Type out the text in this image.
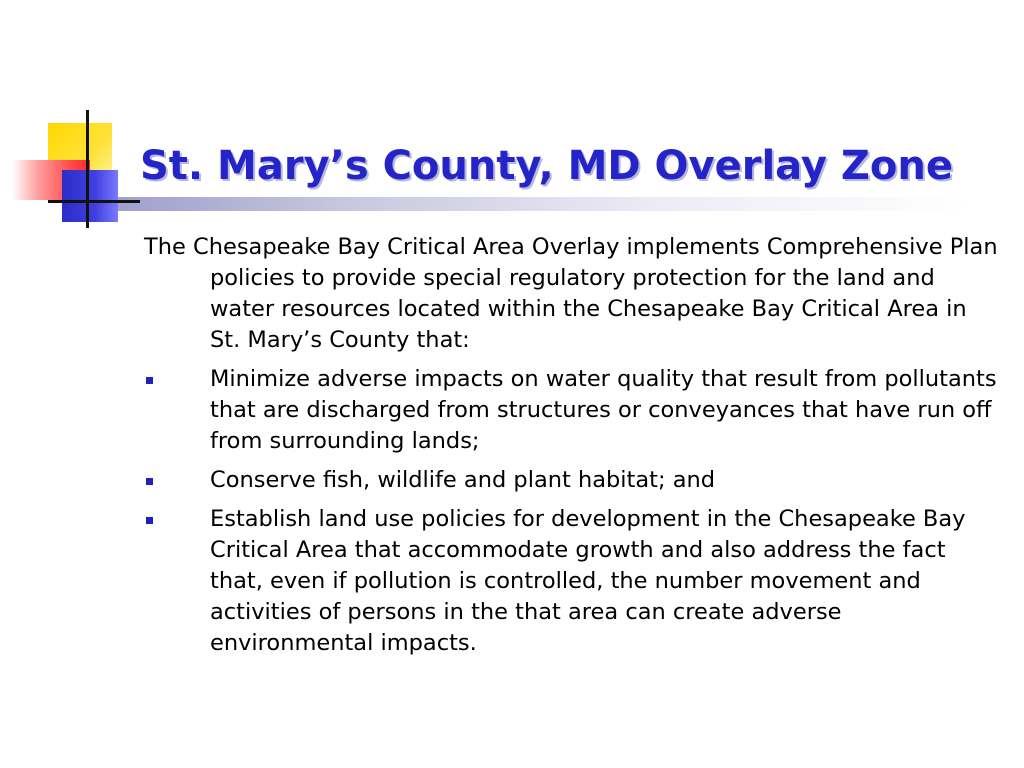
St. Mary’s County, MD Overlay Zone

The Chesapeake Bay Critical Area Overlay implements Comprehensive Plan policies to provide special regulatory protection for the land and water resources located within the Chesapeake Bay Critical Area in St. Mary’s County that:

Minimize adverse impacts on water quality that result from pollutants that are discharged from structures or conveyances that have run off from surrounding lands;
Conserve fish, wildlife and plant habitat; and
Establish land use policies for development in the Chesapeake Bay Critical Area that accommodate growth and also address the fact that, even if pollution is controlled, the number movement and activities of persons in the that area can create adverse environmental impacts.
